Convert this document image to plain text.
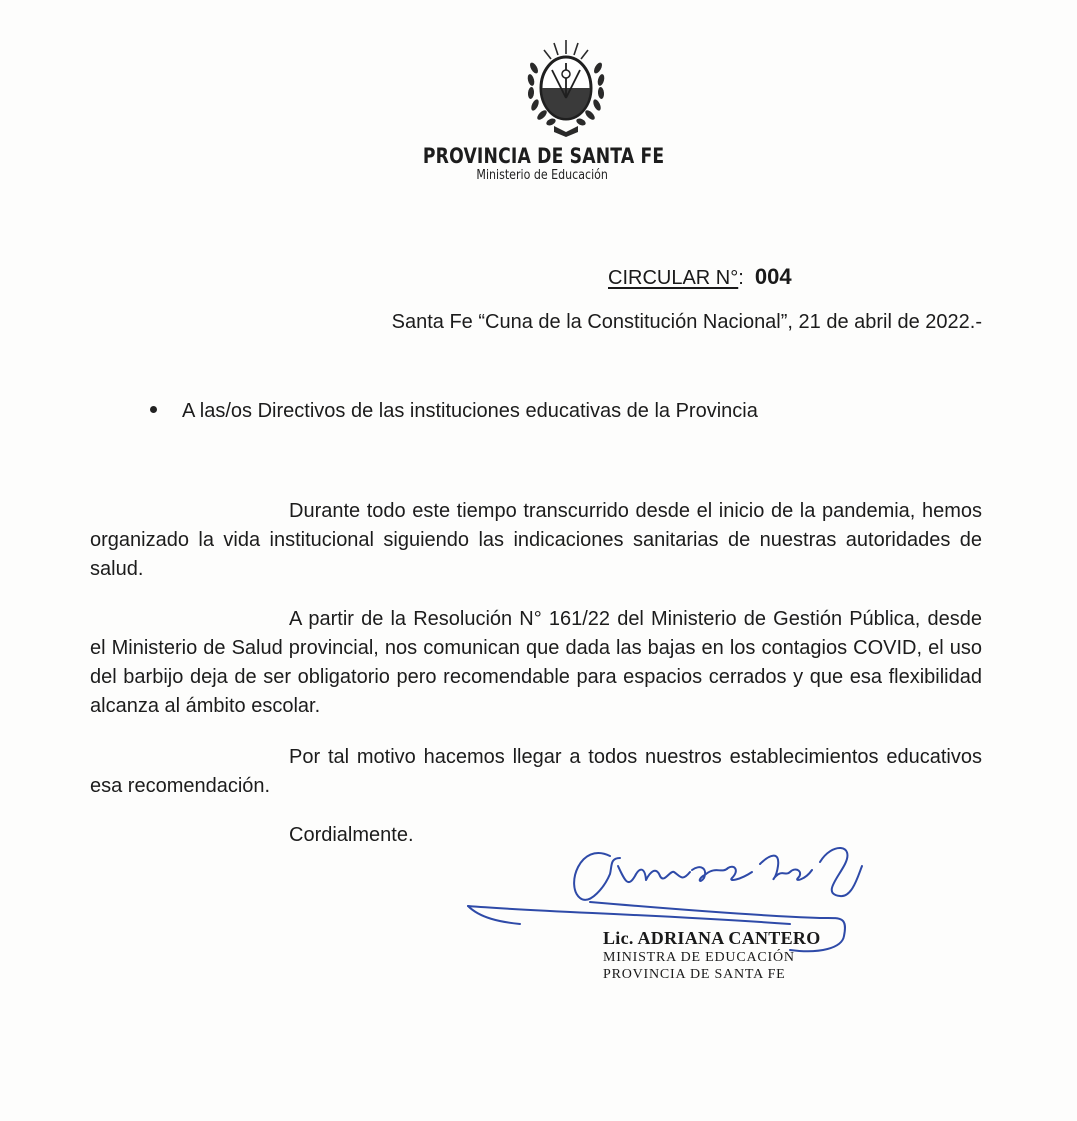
PROVINCIA DE SANTA FE
Ministerio de Educación
CIRCULAR N°: 004
Santa Fe “Cuna de la Constitución Nacional”, 21 de abril de 2022.-
A las/os Directivos de las instituciones educativas de la Provincia
Durante todo este tiempo transcurrido desde el inicio de la pandemia, hemos organizado la vida institucional siguiendo las indicaciones sanitarias de nuestras autoridades de salud.
A partir de la Resolución N° 161/22 del Ministerio de Gestión Pública, desde el Ministerio de Salud provincial, nos comunican que dada las bajas en los contagios COVID, el uso del barbijo deja de ser obligatorio pero recomendable para espacios cerrados y que esa flexibilidad alcanza al ámbito escolar.
Por tal motivo hacemos llegar a todos nuestros establecimientos educativos esa recomendación.
Cordialmente.
Lic. ADRIANA CANTERO
MINISTRA DE EDUCACIÓN
PROVINCIA DE SANTA FE
